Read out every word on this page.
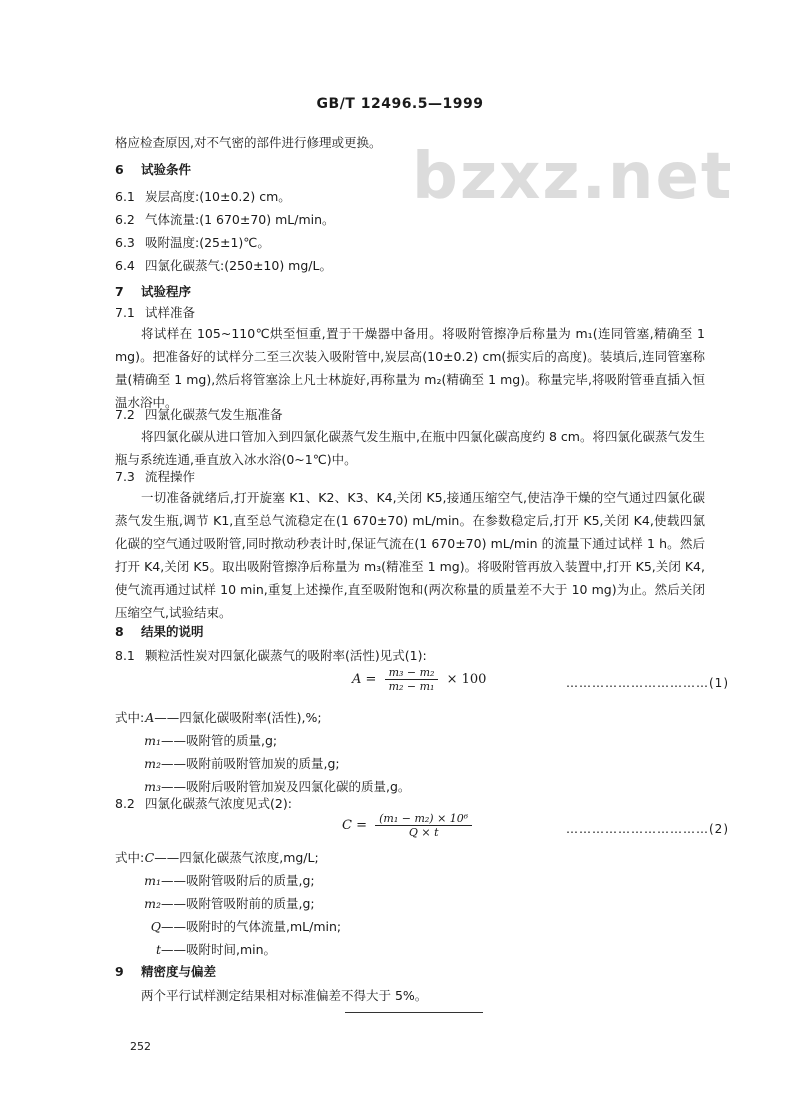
GB/T 12496.5—1999
bzxz.net
格应检查原因,对不气密的部件进行修理或更换。
6 试验条件
6.1 炭层高度:(10±0.2) cm。
6.2 气体流量:(1 670±70) mL/min。
6.3 吸附温度:(25±1)℃。
6.4 四氯化碳蒸气:(250±10) mg/L。
7 试验程序
7.1 试样准备
将试样在 105~110℃烘至恒重,置于干燥器中备用。将吸附管擦净后称量为 m₁(连同管塞,精确至 1 mg)。把准备好的试样分二至三次装入吸附管中,炭层高(10±0.2) cm(振实后的高度)。装填后,连同管塞称量(精确至 1 mg),然后将管塞涂上凡士林旋好,再称量为 m₂(精确至 1 mg)。称量完毕,将吸附管垂直插入恒温水浴中。
7.2 四氯化碳蒸气发生瓶准备
将四氯化碳从进口管加入到四氯化碳蒸气发生瓶中,在瓶中四氯化碳高度约 8 cm。将四氯化碳蒸气发生瓶与系统连通,垂直放入冰水浴(0~1℃)中。
7.3 流程操作
一切准备就绪后,打开旋塞 K1、K2、K3、K4,关闭 K5,接通压缩空气,使洁净干燥的空气通过四氯化碳蒸气发生瓶,调节 K1,直至总气流稳定在(1 670±70) mL/min。在参数稳定后,打开 K5,关闭 K4,使载四氯化碳的空气通过吸附管,同时揿动秒表计时,保证气流在(1 670±70) mL/min 的流量下通过试样 1 h。然后打开 K4,关闭 K5。取出吸附管擦净后称量为 m₃(精准至 1 mg)。将吸附管再放入装置中,打开 K5,关闭 K4,使气流再通过试样 10 min,重复上述操作,直至吸附饱和(两次称量的质量差不大于 10 mg)为止。然后关闭压缩空气,试验结束。
8 结果的说明
8.1 颗粒活性炭对四氯化碳蒸气的吸附率(活性)见式(1):
$A = \frac{\text{m₃ − m₂}}{\text{m₂ − m₁}} \times 100$	……………………………(1)
式中:A——四氯化碳吸附率(活性),%;
m₁——吸附管的质量,g;
m₂——吸附前吸附管加炭的质量,g;
m₃——吸附后吸附管加炭及四氯化碳的质量,g。
8.2 四氯化碳蒸气浓度见式(2):
$C = \frac{\text{(m₁ − m₂) × 10⁶}}{Q \times t}$	……………………………(2)
式中:C——四氯化碳蒸气浓度,mg/L;
m₁——吸附管吸附后的质量,g;
m₂——吸附管吸附前的质量,g;
Q——吸附时的气体流量,mL/min;
t——吸附时间,min。
9 精密度与偏差
两个平行试样测定结果相对标准偏差不得大于 5%。
252
